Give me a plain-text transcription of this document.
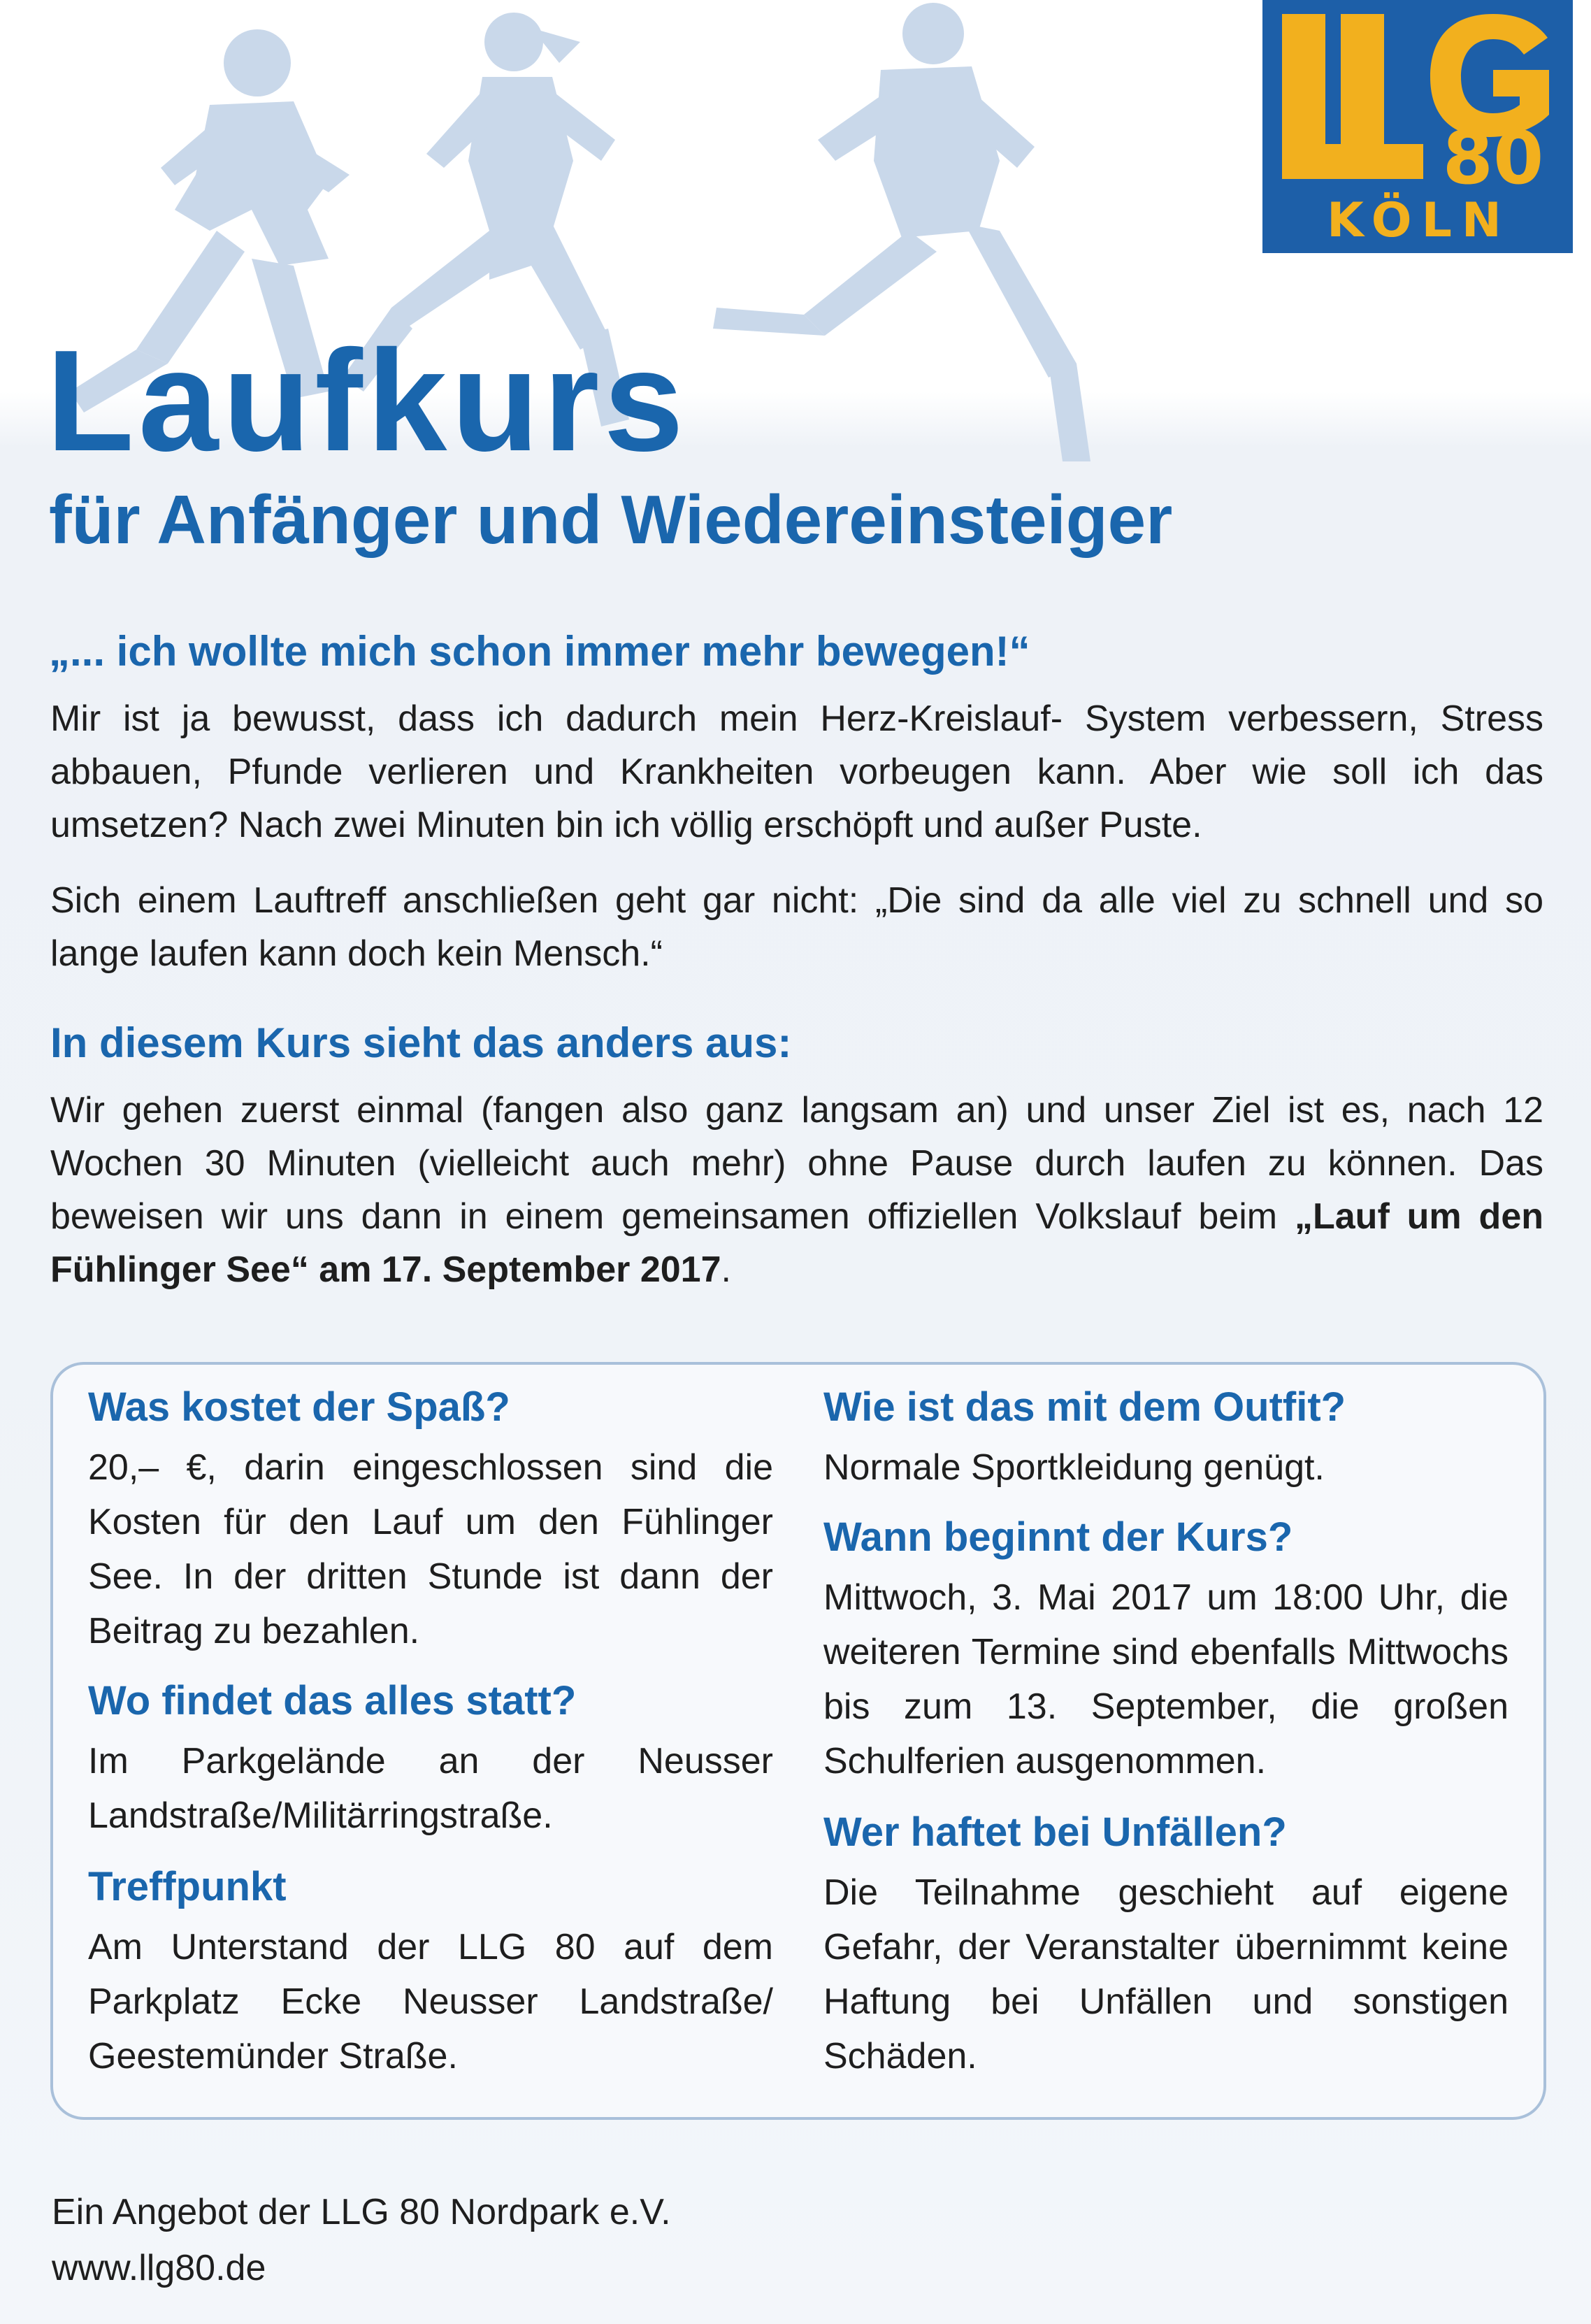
80
KÖLN
Laufkurs
für Anfänger und Wiedereinsteiger
„... ich wollte mich schon immer mehr bewegen!“

Mir ist ja bewusst, dass ich dadurch mein Herz-Kreislauf- System verbessern, Stress abbauen, Pfunde verlieren und Krankheiten vorbeugen kann. Aber wie soll ich das umsetzen? Nach zwei Minuten bin ich völlig erschöpft und außer Puste.

Sich einem Lauftreff anschließen geht gar nicht: „Die sind da alle viel zu schnell und so lange laufen kann doch kein Mensch.“

In diesem Kurs sieht das anders aus:

Wir gehen zuerst einmal (fangen also ganz langsam an) und unser Ziel ist es, nach 12 Wochen 30 Minuten (vielleicht auch mehr) ohne Pause durch laufen zu können. Das beweisen wir uns dann in einem gemeinsamen offiziellen Volkslauf beim „Lauf um den Fühlinger See“ am 17. September 2017.

Was kostet der Spaß?

20,– €, darin eingeschlossen sind die Kosten für den Lauf um den Fühlinger See. In der dritten Stunde ist dann der Beitrag zu bezahlen.

Wo findet das alles statt?

Im Parkgelände an der Neusser Landstraße/Militärringstraße.

Treffpunkt

Am Unterstand der LLG 80 auf dem Parkplatz Ecke Neusser Landstraße/ Geestemünder Straße.

Wie ist das mit dem Outfit?

Normale Sportkleidung genügt.

Wann beginnt der Kurs?

Mittwoch, 3. Mai 2017 um 18:00 Uhr, die weiteren Termine sind ebenfalls Mittwochs bis zum 13. September, die großen Schulferien ausgenommen.

Wer haftet bei Unfällen?

Die Teilnahme geschieht auf eigene Gefahr, der Veranstalter übernimmt keine Haftung bei Unfällen und sonstigen Schäden.

Ein Angebot der LLG 80 Nordpark e.V.
www.llg80.de
